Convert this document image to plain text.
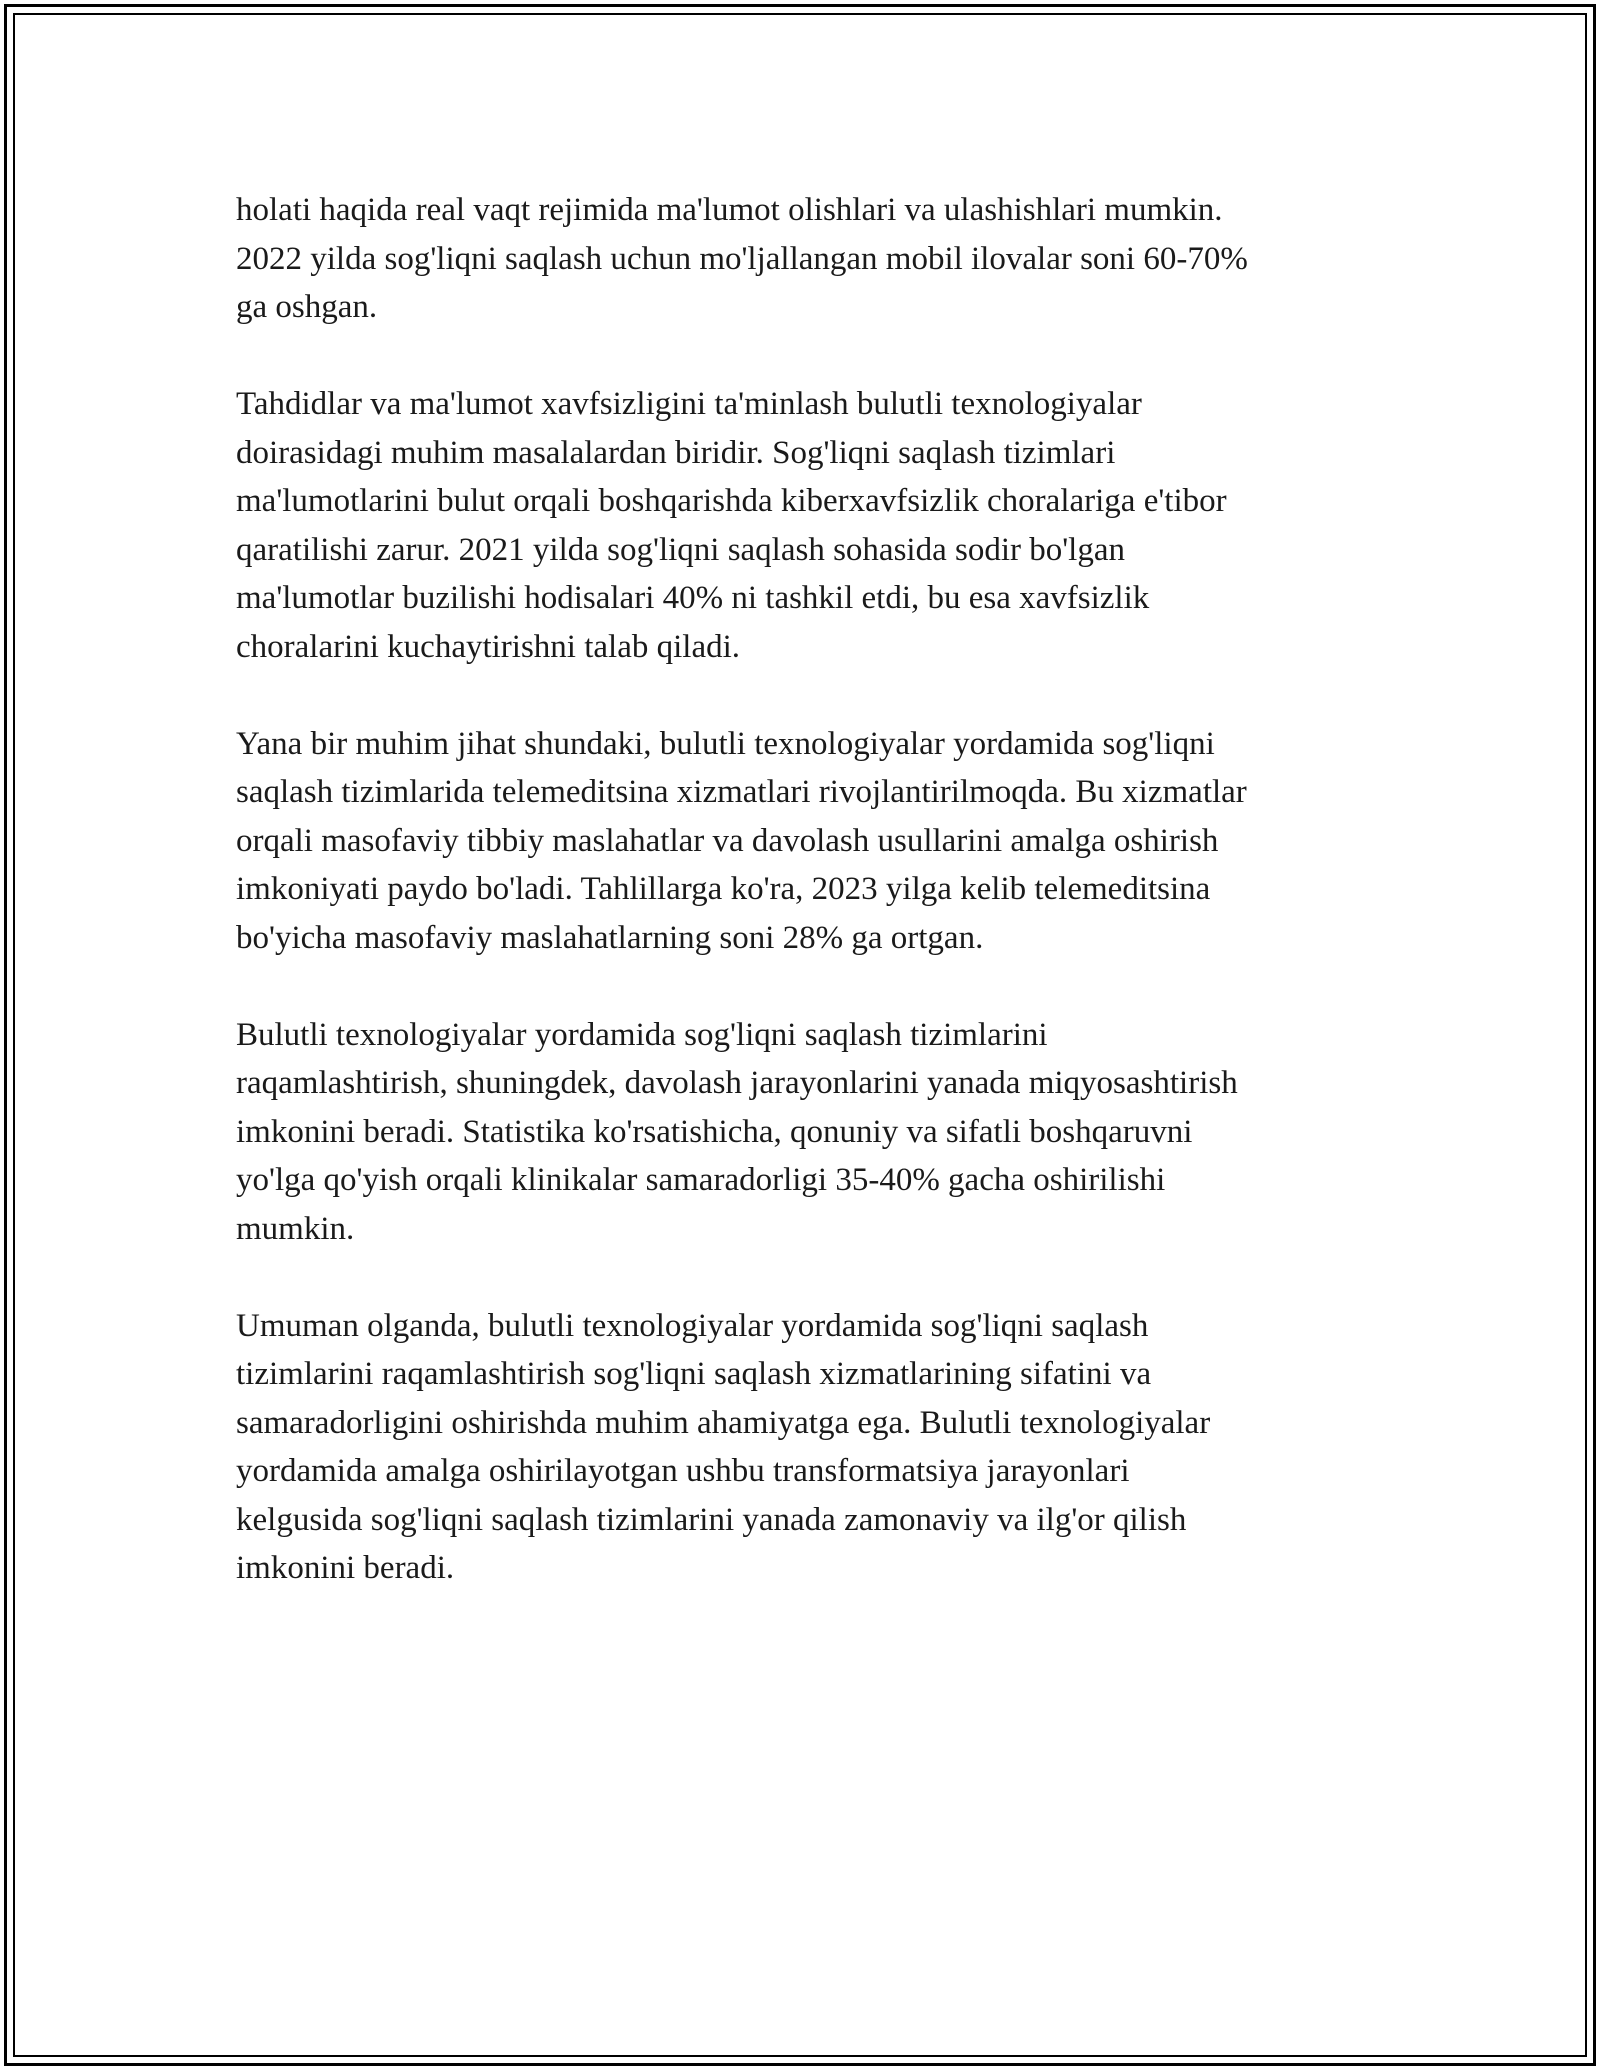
holati haqida real vaqt rejimida ma'lumot olishlari va ulashishlari mumkin.
2022 yilda sog'liqni saqlash uchun mo'ljallangan mobil ilovalar soni 60-70%
ga oshgan.

Tahdidlar va ma'lumot xavfsizligini ta'minlash bulutli texnologiyalar
doirasidagi muhim masalalardan biridir. Sog'liqni saqlash tizimlari
ma'lumotlarini bulut orqali boshqarishda kiberxavfsizlik choralariga e'tibor
qaratilishi zarur. 2021 yilda sog'liqni saqlash sohasida sodir bo'lgan
ma'lumotlar buzilishi hodisalari 40% ni tashkil etdi, bu esa xavfsizlik
choralarini kuchaytirishni talab qiladi.

Yana bir muhim jihat shundaki, bulutli texnologiyalar yordamida sog'liqni
saqlash tizimlarida telemeditsina xizmatlari rivojlantirilmoqda. Bu xizmatlar
orqali masofaviy tibbiy maslahatlar va davolash usullarini amalga oshirish
imkoniyati paydo bo'ladi. Tahlillarga ko'ra, 2023 yilga kelib telemeditsina
bo'yicha masofaviy maslahatlarning soni 28% ga ortgan.

Bulutli texnologiyalar yordamida sog'liqni saqlash tizimlarini
raqamlashtirish, shuningdek, davolash jarayonlarini yanada miqyosashtirish
imkonini beradi. Statistika ko'rsatishicha, qonuniy va sifatli boshqaruvni
yo'lga qo'yish orqali klinikalar samaradorligi 35-40% gacha oshirilishi
mumkin.

Umuman olganda, bulutli texnologiyalar yordamida sog'liqni saqlash
tizimlarini raqamlashtirish sog'liqni saqlash xizmatlarining sifatini va
samaradorligini oshirishda muhim ahamiyatga ega. Bulutli texnologiyalar
yordamida amalga oshirilayotgan ushbu transformatsiya jarayonlari
kelgusida sog'liqni saqlash tizimlarini yanada zamonaviy va ilg'or qilish
imkonini beradi.
